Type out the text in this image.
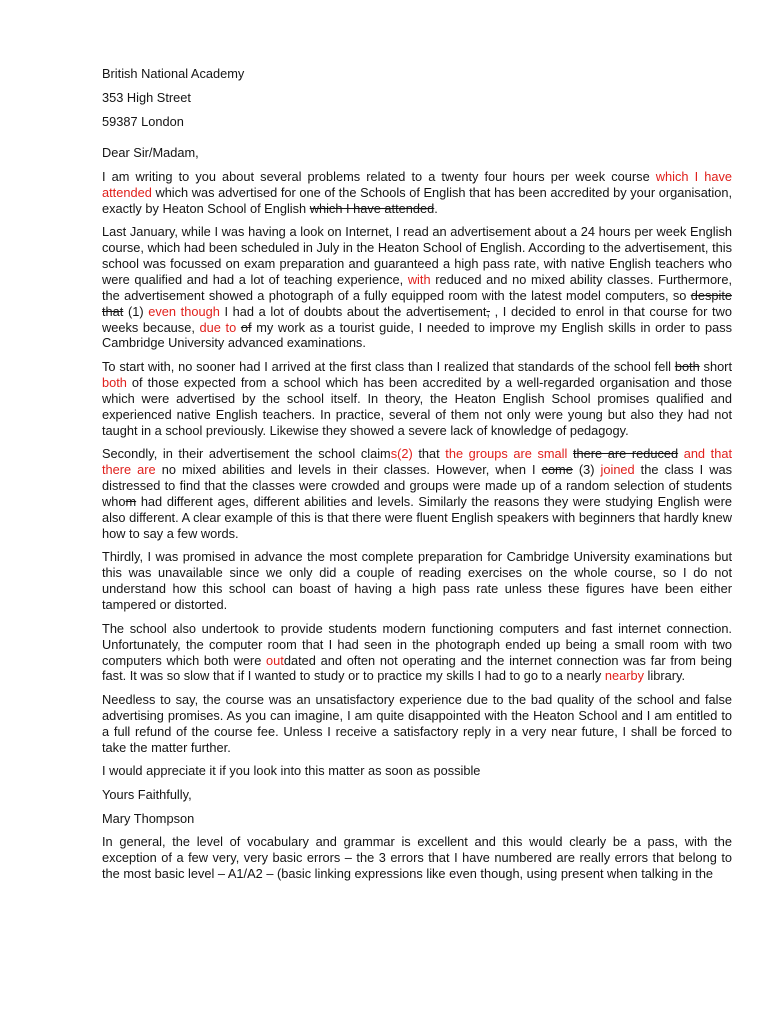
British National Academy
353 High Street
59387 London
Dear Sir/Madam,

I am writing to you about several problems related to a twenty four hours per week course which I have attended which was advertised for one of the Schools of English that has been accredited by your organisation, exactly by Heaton School of English which I have attended.

Last January, while I was having a look on Internet, I read an advertisement about a 24 hours per week English course, which had been scheduled in July in the Heaton School of English. According to the advertisement, this school was focussed on exam preparation and guaranteed a high pass rate, with native English teachers who were qualified and had a lot of teaching experience, with reduced and no mixed ability classes. Furthermore, the advertisement showed a photograph of a fully equipped room with the latest model computers, so despite that (1) even though I had a lot of doubts about the advertisement, , I decided to enrol in that course for two weeks because, due to of my work as a tourist guide, I needed to improve my English skills in order to pass Cambridge University advanced examinations.

To start with, no sooner had I arrived at the first class than I realized that standards of the school fell both short both of those expected from a school which has been accredited by a well-regarded organisation and those which were advertised by the school itself. In theory, the Heaton English School promises qualified and experienced native English teachers. In practice, several of them not only were young but also they had not taught in a school previously. Likewise they showed a severe lack of knowledge of pedagogy.

Secondly, in their advertisement the school claims(2) that the groups are small there are reduced and that there are no mixed abilities and levels in their classes. However, when I come (3) joined the class I was distressed to find that the classes were crowded and groups were made up of a random selection of students whom had different ages, different abilities and levels. Similarly the reasons they were studying English were also different. A clear example of this is that there were fluent English speakers with beginners that hardly knew how to say a few words.

Thirdly, I was promised in advance the most complete preparation for Cambridge University examinations but this was unavailable since we only did a couple of reading exercises on the whole course, so I do not understand how this school can boast of having a high pass rate unless these figures have been either tampered or distorted.

The school also undertook to provide students modern functioning computers and fast internet connection. Unfortunately, the computer room that I had seen in the photograph ended up being a small room with two computers which both were outdated and often not operating and the internet connection was far from being fast. It was so slow that if I wanted to study or to practice my skills I had to go to a nearly nearby library.

Needless to say, the course was an unsatisfactory experience due to the bad quality of the school and false advertising promises. As you can imagine, I am quite disappointed with the Heaton School and I am entitled to a full refund of the course fee. Unless I receive a satisfactory reply in a very near future, I shall be forced to take the matter further.

I would appreciate it if you look into this matter as soon as possible

Yours Faithfully,

Mary Thompson

In general, the level of vocabulary and grammar is excellent and this would clearly be a pass, with the exception of a few very, very basic errors – the 3 errors that I have numbered are really errors that belong to the most basic level – A1/A2 – (basic linking expressions like even though, using present when talking in the
